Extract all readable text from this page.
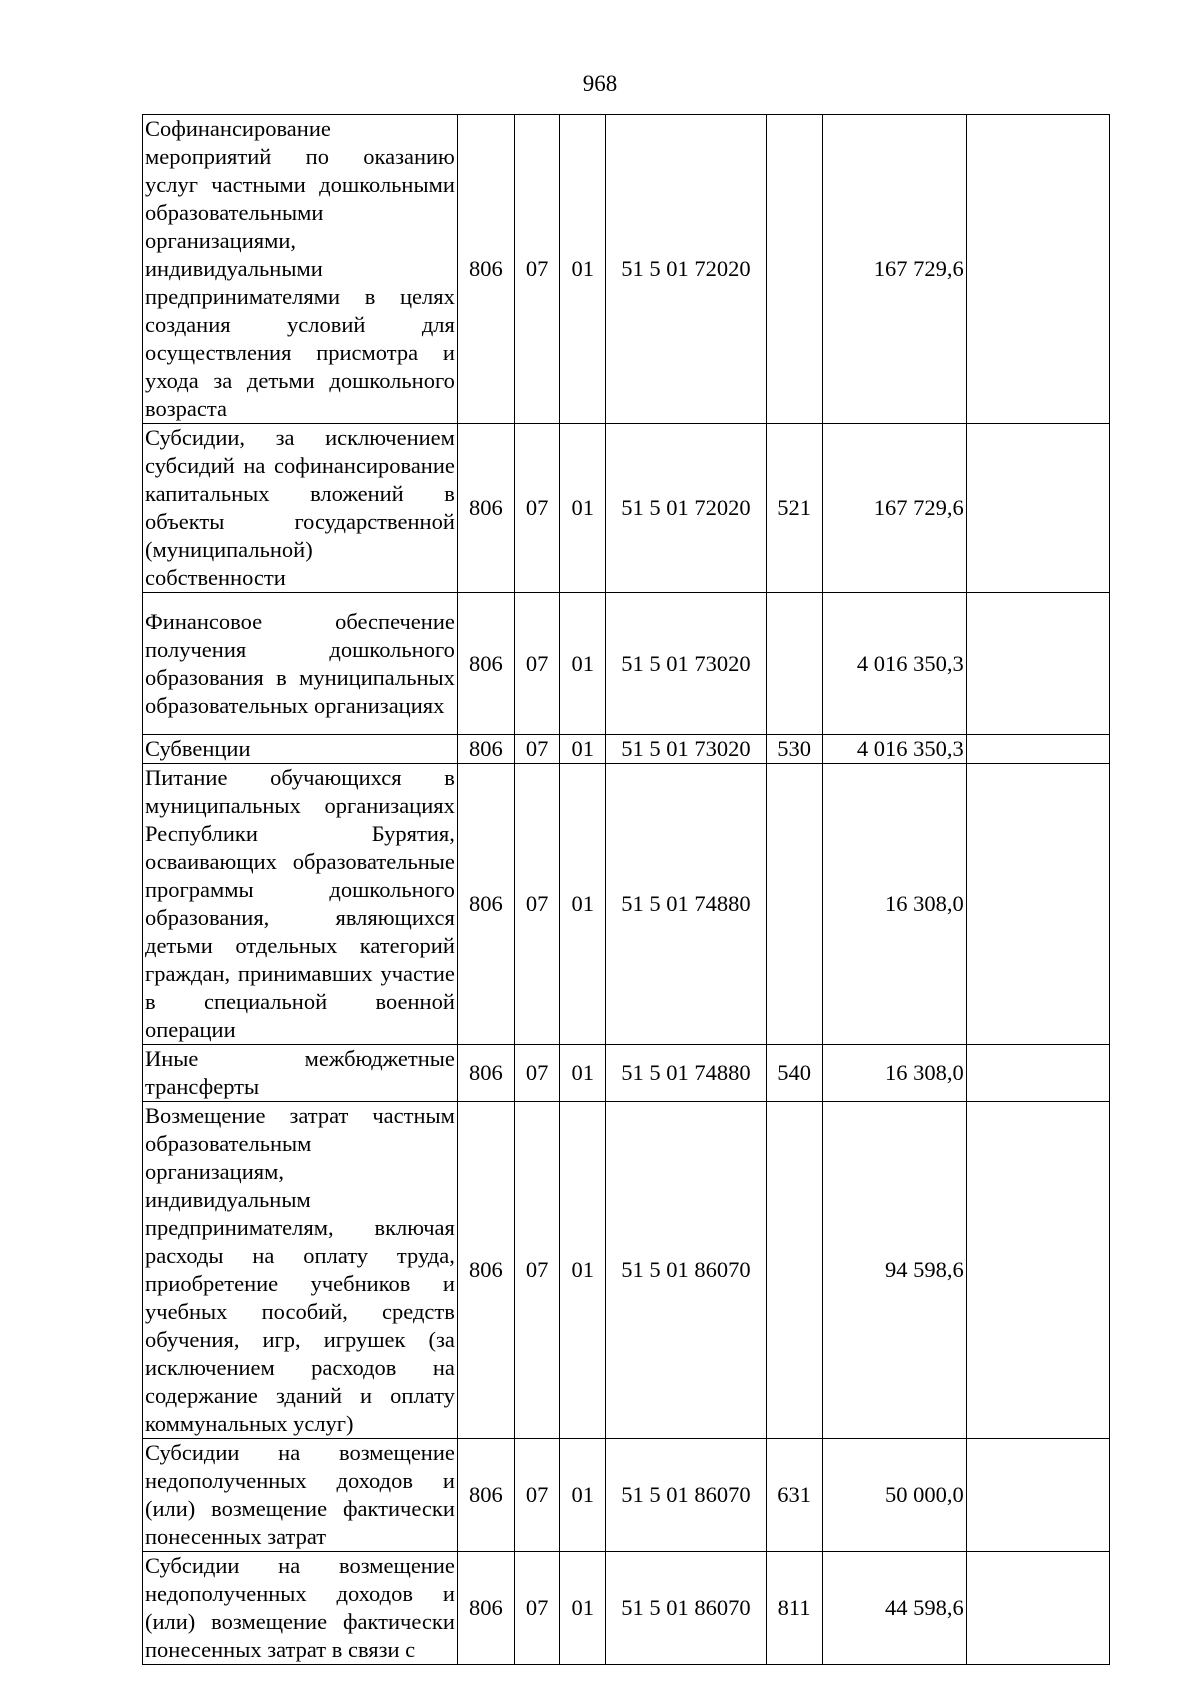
968
Софинансирование мероприятий по оказанию услуг частными дошкольными образовательными организациями, индивидуальными предпринимателями в целях создания условий для осуществления присмотра и ухода за детьми дошкольного возраста	806	07	01	51 5 01 72020		167 729,6	
Субсидии, за исключением субсидий на софинансирование капитальных вложений в объекты государственной (муниципальной) собственности	806	07	01	51 5 01 72020	521	167 729,6	
Финансовое обеспечение получения дошкольного образования в муниципальных образовательных организациях	806	07	01	51 5 01 73020		4 016 350,3	
Субвенции	806	07	01	51 5 01 73020	530	4 016 350,3	
Питание обучающихся в муниципальных организациях Республики Бурятия, осваивающих образовательные программы дошкольного образования, являющихся детьми отдельных категорий граждан, принимавших участие в специальной военной операции	806	07	01	51 5 01 74880		16 308,0	
Иные межбюджетные трансферты	806	07	01	51 5 01 74880	540	16 308,0	
Возмещение затрат частным образовательным организациям, индивидуальным предпринимателям, включая расходы на оплату труда, приобретение учебников и учебных пособий, средств обучения, игр, игрушек (за исключением расходов на содержание зданий и оплату коммунальных услуг)	806	07	01	51 5 01 86070		94 598,6	
Субсидии на возмещение недополученных доходов и (или) возмещение фактически понесенных затрат	806	07	01	51 5 01 86070	631	50 000,0	
Субсидии на возмещение недополученных доходов и (или) возмещение фактически понесенных затрат в связи с	806	07	01	51 5 01 86070	811	44 598,6	
